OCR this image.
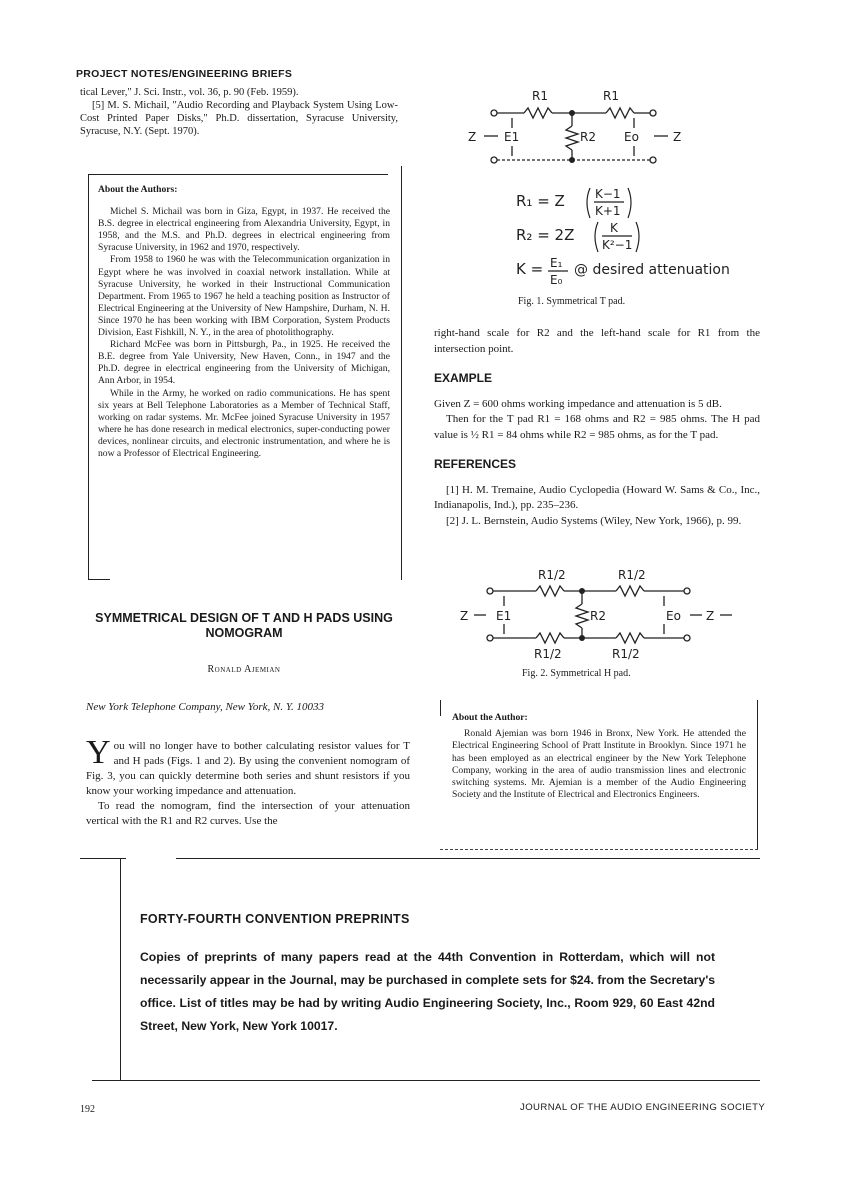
PROJECT NOTES/ENGINEERING BRIEFS

tical Lever," J. Sci. Instr., vol. 36, p. 90 (Feb. 1959).

[5] M. S. Michail, "Audio Recording and Playback System Using Low-Cost Printed Paper Disks," Ph.D. dissertation, Syracuse University, Syracuse, N.Y. (Sept. 1970).

About the Authors:

Michel S. Michail was born in Giza, Egypt, in 1937. He received the B.S. degree in electrical engineering from Alexandria University, Egypt, in 1958, and the M.S. and Ph.D. degrees in electrical engineering from Syracuse University, in 1962 and 1970, respectively.

From 1958 to 1960 he was with the Telecommunication organization in Egypt where he was involved in coaxial network installation. While at Syracuse University, he worked in their Instructional Communication Department. From 1965 to 1967 he held a teaching position as Instructor of Electrical Engineering at the University of New Hampshire, Durham, N. H. Since 1970 he has been working with IBM Corporation, System Products Division, East Fishkill, N. Y., in the area of photolithography.

Richard McFee was born in Pittsburgh, Pa., in 1925. He received the B.E. degree from Yale University, New Haven, Conn., in 1947 and the Ph.D. degree in electrical engineering from the University of Michigan, Ann Arbor, in 1954.

While in the Army, he worked on radio communications. He has spent six years at Bell Telephone Laboratories as a Member of Technical Staff, working on radar systems. Mr. McFee joined Syracuse University in 1957 where he has done research in medical electronics, super-conducting power devices, nonlinear circuits, and electronic instrumentation, and where he is now a Professor of Electrical Engineering.

SYMMETRICAL DESIGN OF T AND H PADS USING NOMOGRAM
Ronald Ajemian
New York Telephone Company, New York, N. Y. 10033

You will no longer have to bother calculating resistor values for T and H pads (Figs. 1 and 2). By using the convenient nomogram of Fig. 3, you can quickly determine both series and shunt resistors if you know your working impedance and attenuation.

To read the nomogram, find the intersection of your attenuation vertical with the R1 and R2 curves. Use the

R1	R1
R2
Z	Z
E1	Eo
R₁ = Z	K−1
K+1
R₂ = 2Z	K
K²−1
K = E₁
E₀
@ desired attenuation
Fig. 1. Symmetrical T pad.

right-hand scale for R2 and the left-hand scale for R1 from the intersection point.

EXAMPLE

Given Z = 600 ohms working impedance and attenuation is 5 dB.

Then for the T pad R1 = 168 ohms and R2 = 985 ohms. The H pad value is ½ R1 = 84 ohms while R2 = 985 ohms, as for the T pad.

REFERENCES

[1] H. M. Tremaine, Audio Cyclopedia (Howard W. Sams & Co., Inc., Indianapolis, Ind.), pp. 235–236.

[2] J. L. Bernstein, Audio Systems (Wiley, New York, 1966), p. 99.

R1/2	R1/2
R1/2	R1/2
R2
Z	Z
E1	Eo
Fig. 2. Symmetrical H pad.
About the Author:

Ronald Ajemian was born 1946 in Bronx, New York. He attended the Electrical Engineering School of Pratt Institute in Brooklyn. Since 1971 he has been employed as an electrical engineer by the New York Telephone Company, working in the area of audio transmission lines and electronic switching systems. Mr. Ajemian is a member of the Audio Engineering Society and the Institute of Electrical and Electronics Engineers.

FORTY-FOURTH CONVENTION PREPRINTS
Copies of preprints of many papers read at the 44th Convention in Rotterdam, which will not necessarily appear in the Journal, may be purchased in complete sets for $24. from the Secretary's office. List of titles may be had by writing Audio Engineering Society, Inc., Room 929, 60 East 42nd Street, New York, New York 10017.
192	JOURNAL OF THE AUDIO ENGINEERING SOCIETY
